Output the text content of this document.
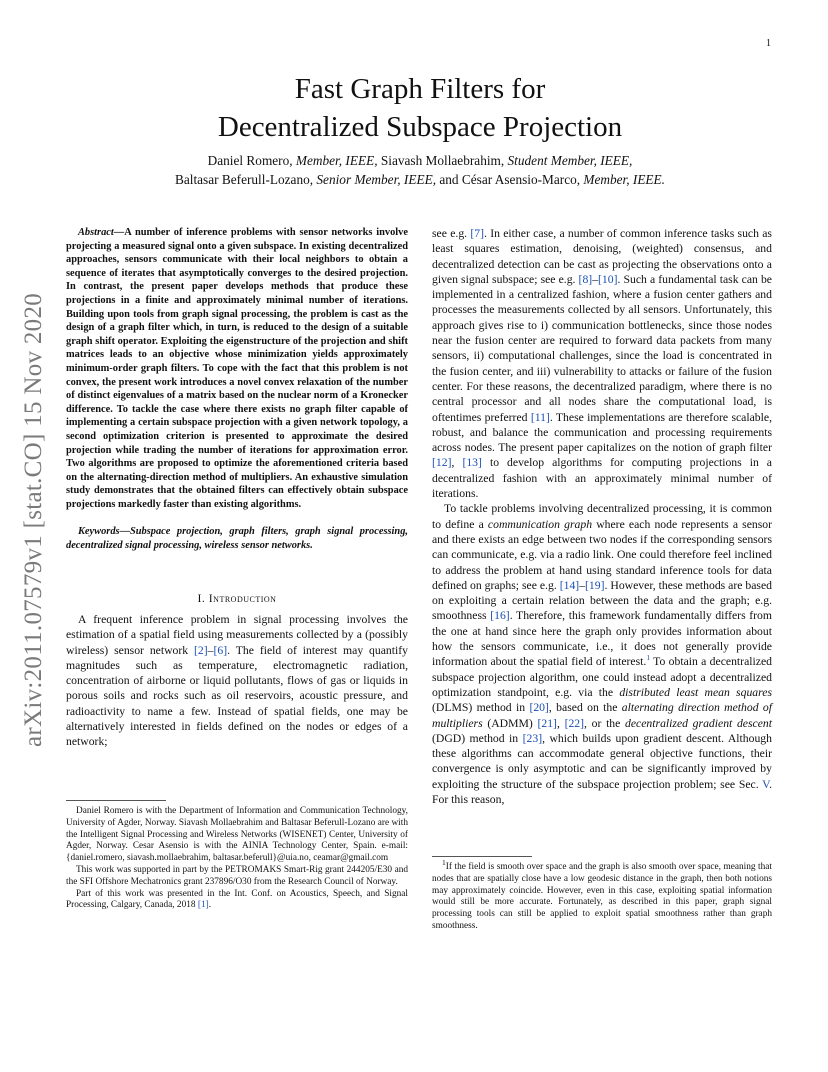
1
arXiv:2011.07579v1 [stat.CO] 15 Nov 2020
Fast Graph Filters for
Decentralized Subspace Projection
Daniel Romero, Member, IEEE, Siavash Mollaebrahim, Student Member, IEEE,
Baltasar Beferull-Lozano, Senior Member, IEEE, and César Asensio-Marco, Member, IEEE.

Abstract—A number of inference problems with sensor networks involve projecting a measured signal onto a given subspace. In existing decentralized approaches, sensors communicate with their local neighbors to obtain a sequence of iterates that asymptotically converges to the desired projection. In contrast, the present paper develops methods that produce these projections in a finite and approximately minimal number of iterations. Building upon tools from graph signal processing, the problem is cast as the design of a graph filter which, in turn, is reduced to the design of a suitable graph shift operator. Exploiting the eigenstructure of the projection and shift matrices leads to an objective whose minimization yields approximately minimum-order graph filters. To cope with the fact that this problem is not convex, the present work introduces a novel convex relaxation of the number of distinct eigenvalues of a matrix based on the nuclear norm of a Kronecker difference. To tackle the case where there exists no graph filter capable of implementing a certain subspace projection with a given network topology, a second optimization criterion is presented to approximate the desired projection while trading the number of iterations for approximation error. Two algorithms are proposed to optimize the aforementioned criteria based on the alternating-direction method of multipliers. An exhaustive simulation study demonstrates that the obtained filters can effectively obtain subspace projections markedly faster than existing algorithms.

Keywords—Subspace projection, graph filters, graph signal processing, decentralized signal processing, wireless sensor networks.

I. Introduction

A frequent inference problem in signal processing involves the estimation of a spatial field using measurements collected by a (possibly wireless) sensor network [2]–[6]. The field of interest may quantify magnitudes such as temperature, electromagnetic radiation, concentration of airborne or liquid pollutants, flows of gas or liquids in porous soils and rocks such as oil reservoirs, acoustic pressure, and radioactivity to name a few. Instead of spatial fields, one may be alternatively interested in fields defined on the nodes or edges of a network;

Daniel Romero is with the Department of Information and Communication Technology, University of Agder, Norway. Siavash Mollaebrahim and Baltasar Beferull-Lozano are with the Intelligent Signal Processing and Wireless Networks (WISENET) Center, University of Agder, Norway. Cesar Asensio is with the AINIA Technology Center, Spain. e-mail:{daniel.romero, siavash.mollaebrahim, baltasar.beferull}@uia.no, ceamar@gmail.com

This work was supported in part by the PETROMAKS Smart-Rig grant 244205/E30 and the SFI Offshore Mechatronics grant 237896/O30 from the Research Council of Norway.

Part of this work was presented in the Int. Conf. on Acoustics, Speech, and Signal Processing, Calgary, Canada, 2018 [1].

see e.g. [7]. In either case, a number of common inference tasks such as least squares estimation, denoising, (weighted) consensus, and decentralized detection can be cast as projecting the observations onto a given signal subspace; see e.g. [8]–[10]. Such a fundamental task can be implemented in a centralized fashion, where a fusion center gathers and processes the measurements collected by all sensors. Unfortunately, this approach gives rise to i) communication bottlenecks, since those nodes near the fusion center are required to forward data packets from many sensors, ii) computational challenges, since the load is concentrated in the fusion center, and iii) vulnerability to attacks or failure of the fusion center. For these reasons, the decentralized paradigm, where there is no central processor and all nodes share the computational load, is oftentimes preferred [11]. These implementations are therefore scalable, robust, and balance the communication and processing requirements across nodes. The present paper capitalizes on the notion of graph filter [12], [13] to develop algorithms for computing projections in a decentralized fashion with an approximately minimal number of iterations.

To tackle problems involving decentralized processing, it is common to define a communication graph where each node represents a sensor and there exists an edge between two nodes if the corresponding sensors can communicate, e.g. via a radio link. One could therefore feel inclined to address the problem at hand using standard inference tools for data defined on graphs; see e.g. [14]–[19]. However, these methods are based on exploiting a certain relation between the data and the graph; e.g. smoothness [16]. Therefore, this framework fundamentally differs from the one at hand since here the graph only provides information about how the sensors communicate, i.e., it does not generally provide information about the spatial field of interest.$^1$ To obtain a decentralized subspace projection algorithm, one could instead adopt a decentralized optimization standpoint, e.g. via the distributed least mean squares (DLMS) method in [20], based on the alternating direction method of multipliers (ADMM) [21], [22], or the decentralized gradient descent (DGD) method in [23], which builds upon gradient descent. Although these algorithms can accommodate general objective functions, their convergence is only asymptotic and can be significantly improved by exploiting the structure of the subspace projection problem; see Sec. V. For this reason,

$^1$If the field is smooth over space and the graph is also smooth over space, meaning that nodes that are spatially close have a low geodesic distance in the graph, then both notions may approximately coincide. However, even in this case, exploiting spatial information would still be more accurate. Fortunately, as described in this paper, graph signal processing tools can still be applied to exploit spatial smoothness rather than graph smoothness.
